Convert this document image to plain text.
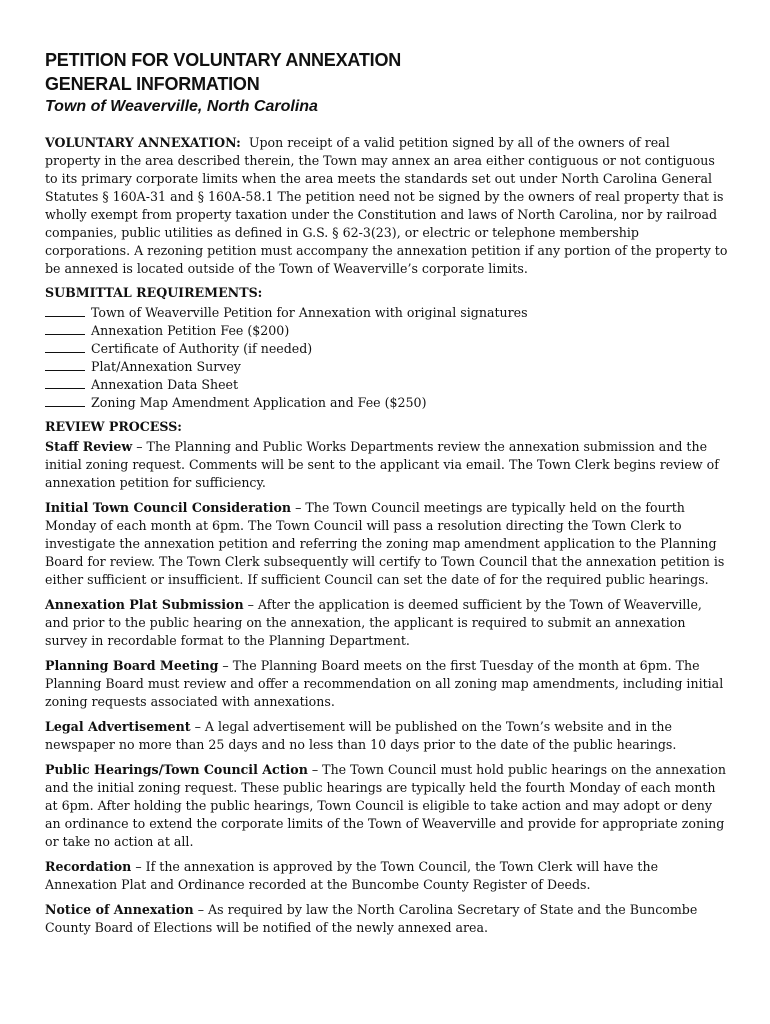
PETITION FOR VOLUNTARY ANNEXATION
GENERAL INFORMATION
Town of Weaverville, North Carolina

VOLUNTARY ANNEXATION: Upon receipt of a valid petition signed by all of the owners of real property in the area described therein, the Town may annex an area either contiguous or not contiguous to its primary corporate limits when the area meets the standards set out under North Carolina General Statutes § 160A-31 and § 160A-58.1 The petition need not be signed by the owners of real property that is wholly exempt from property taxation under the Constitution and laws of North Carolina, nor by railroad companies, public utilities as defined in G.S. § 62-3(23), or electric or telephone membership corporations. A rezoning petition must accompany the annexation petition if any portion of the property to be annexed is located outside of the Town of Weaverville’s corporate limits.

SUBMITTAL REQUIREMENTS:
Town of Weaverville Petition for Annexation with original signatures
Annexation Petition Fee ($200)
Certificate of Authority (if needed)
Plat/Annexation Survey
Annexation Data Sheet
Zoning Map Amendment Application and Fee ($250)
REVIEW PROCESS:

Staff Review – The Planning and Public Works Departments review the annexation submission and the initial zoning request. Comments will be sent to the applicant via email. The Town Clerk begins review of annexation petition for sufficiency.

Initial Town Council Consideration – The Town Council meetings are typically held on the fourth Monday of each month at 6pm. The Town Council will pass a resolution directing the Town Clerk to investigate the annexation petition and referring the zoning map amendment application to the Planning Board for review. The Town Clerk subsequently will certify to Town Council that the annexation petition is either sufficient or insufficient. If sufficient Council can set the date of for the required public hearings.

Annexation Plat Submission – After the application is deemed sufficient by the Town of Weaverville, and prior to the public hearing on the annexation, the applicant is required to submit an annexation survey in recordable format to the Planning Department.

Planning Board Meeting – The Planning Board meets on the first Tuesday of the month at 6pm. The Planning Board must review and offer a recommendation on all zoning map amendments, including initial zoning requests associated with annexations.

Legal Advertisement – A legal advertisement will be published on the Town’s website and in the newspaper no more than 25 days and no less than 10 days prior to the date of the public hearings.

Public Hearings/Town Council Action – The Town Council must hold public hearings on the annexation and the initial zoning request. These public hearings are typically held the fourth Monday of each month at 6pm. After holding the public hearings, Town Council is eligible to take action and may adopt or deny an ordinance to extend the corporate limits of the Town of Weaverville and provide for appropriate zoning or take no action at all.

Recordation – If the annexation is approved by the Town Council, the Town Clerk will have the Annexation Plat and Ordinance recorded at the Buncombe County Register of Deeds.

Notice of Annexation – As required by law the North Carolina Secretary of State and the Buncombe County Board of Elections will be notified of the newly annexed area.
